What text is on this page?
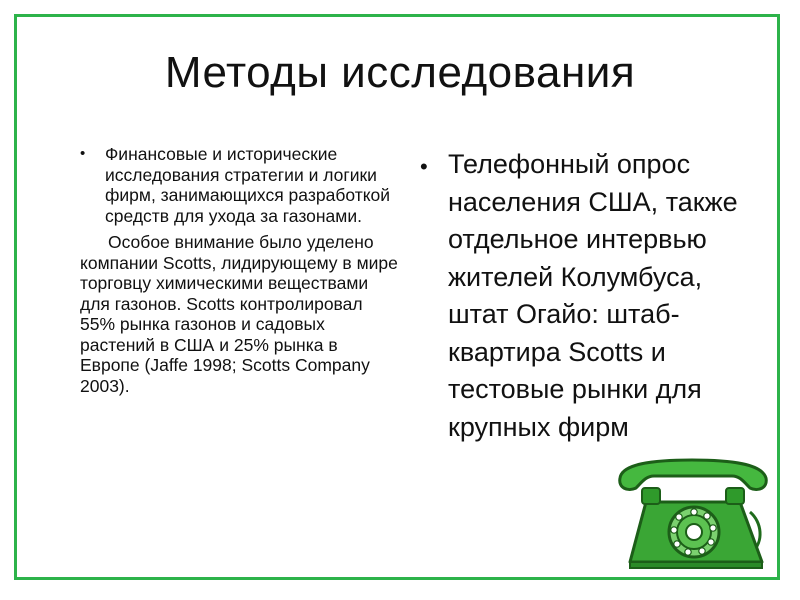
Методы исследования
• Финансовые и исторические исследования стратегии и логики фирм, занимающихся разработкой средств для ухода за газонами.
Особое внимание было уделено компании Scotts, лидирующему в мире торговцу химическими веществами для газонов. Scotts контролировал 55% рынка газонов и садовых растений в США и 25% рынка в Европе (Jaffe 1998; Scotts Company 2003).
• Телефонный опрос населения США, также отдельное интервью жителей Колумбуса, штат Огайо: штаб-квартира Scotts и тестовые рынки для крупных фирм
